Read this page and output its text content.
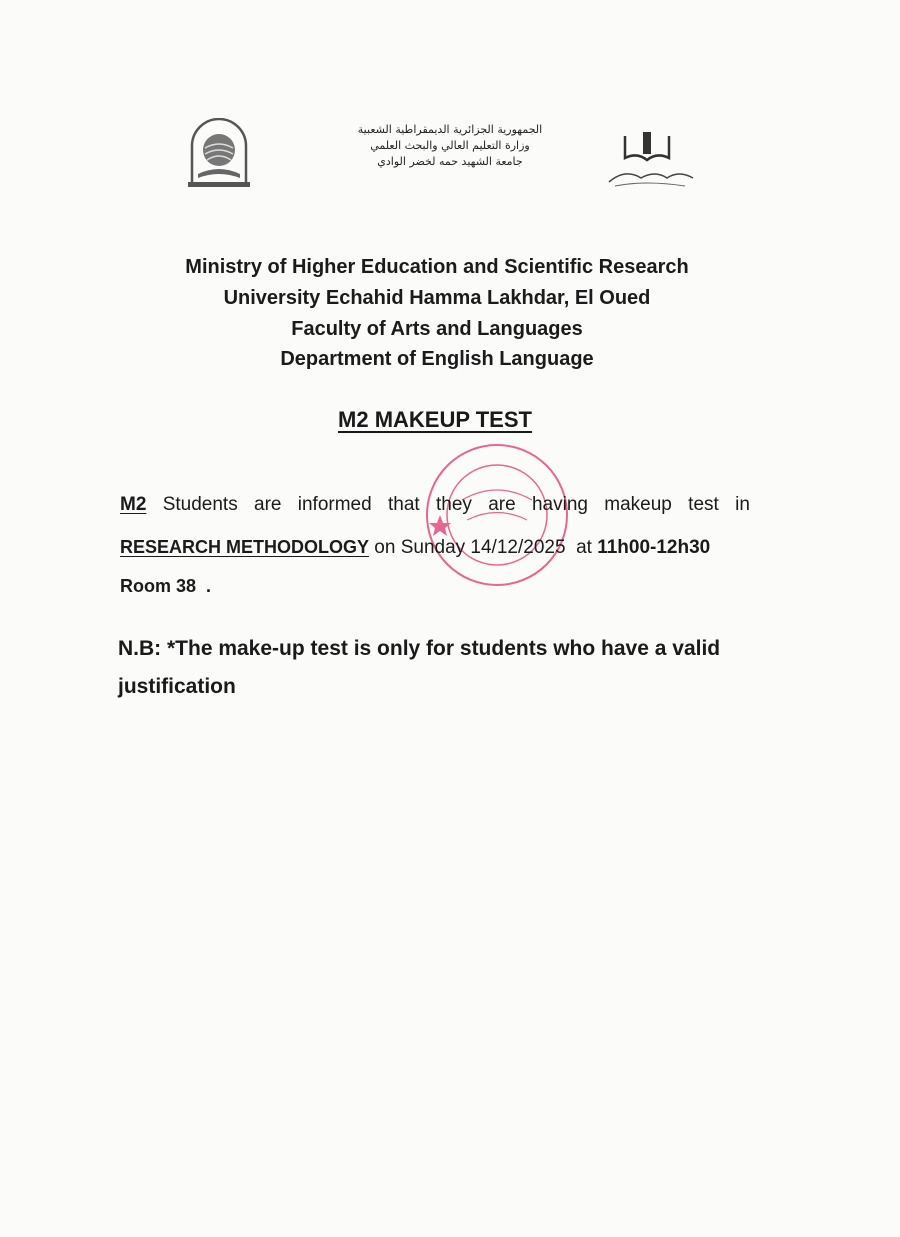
الجمهورية الجزائرية الديمقراطية الشعبية
وزارة التعليم العالي والبحث العلمي
جامعة الشهيد حمه لخضر الوادي
Ministry of Higher Education and Scientific Research
University Echahid Hamma Lakhdar, El Oued
Faculty of Arts and Languages
Department of English Language
M2 MAKEUP TEST
M2 Students are informed that they are having makeup test in
RESEARCH METHODOLOGY on Sunday 14/12/2025  at 11h00-12h30
Room 38  .
N.B: *The make-up test is only for students who have a valid
justification
